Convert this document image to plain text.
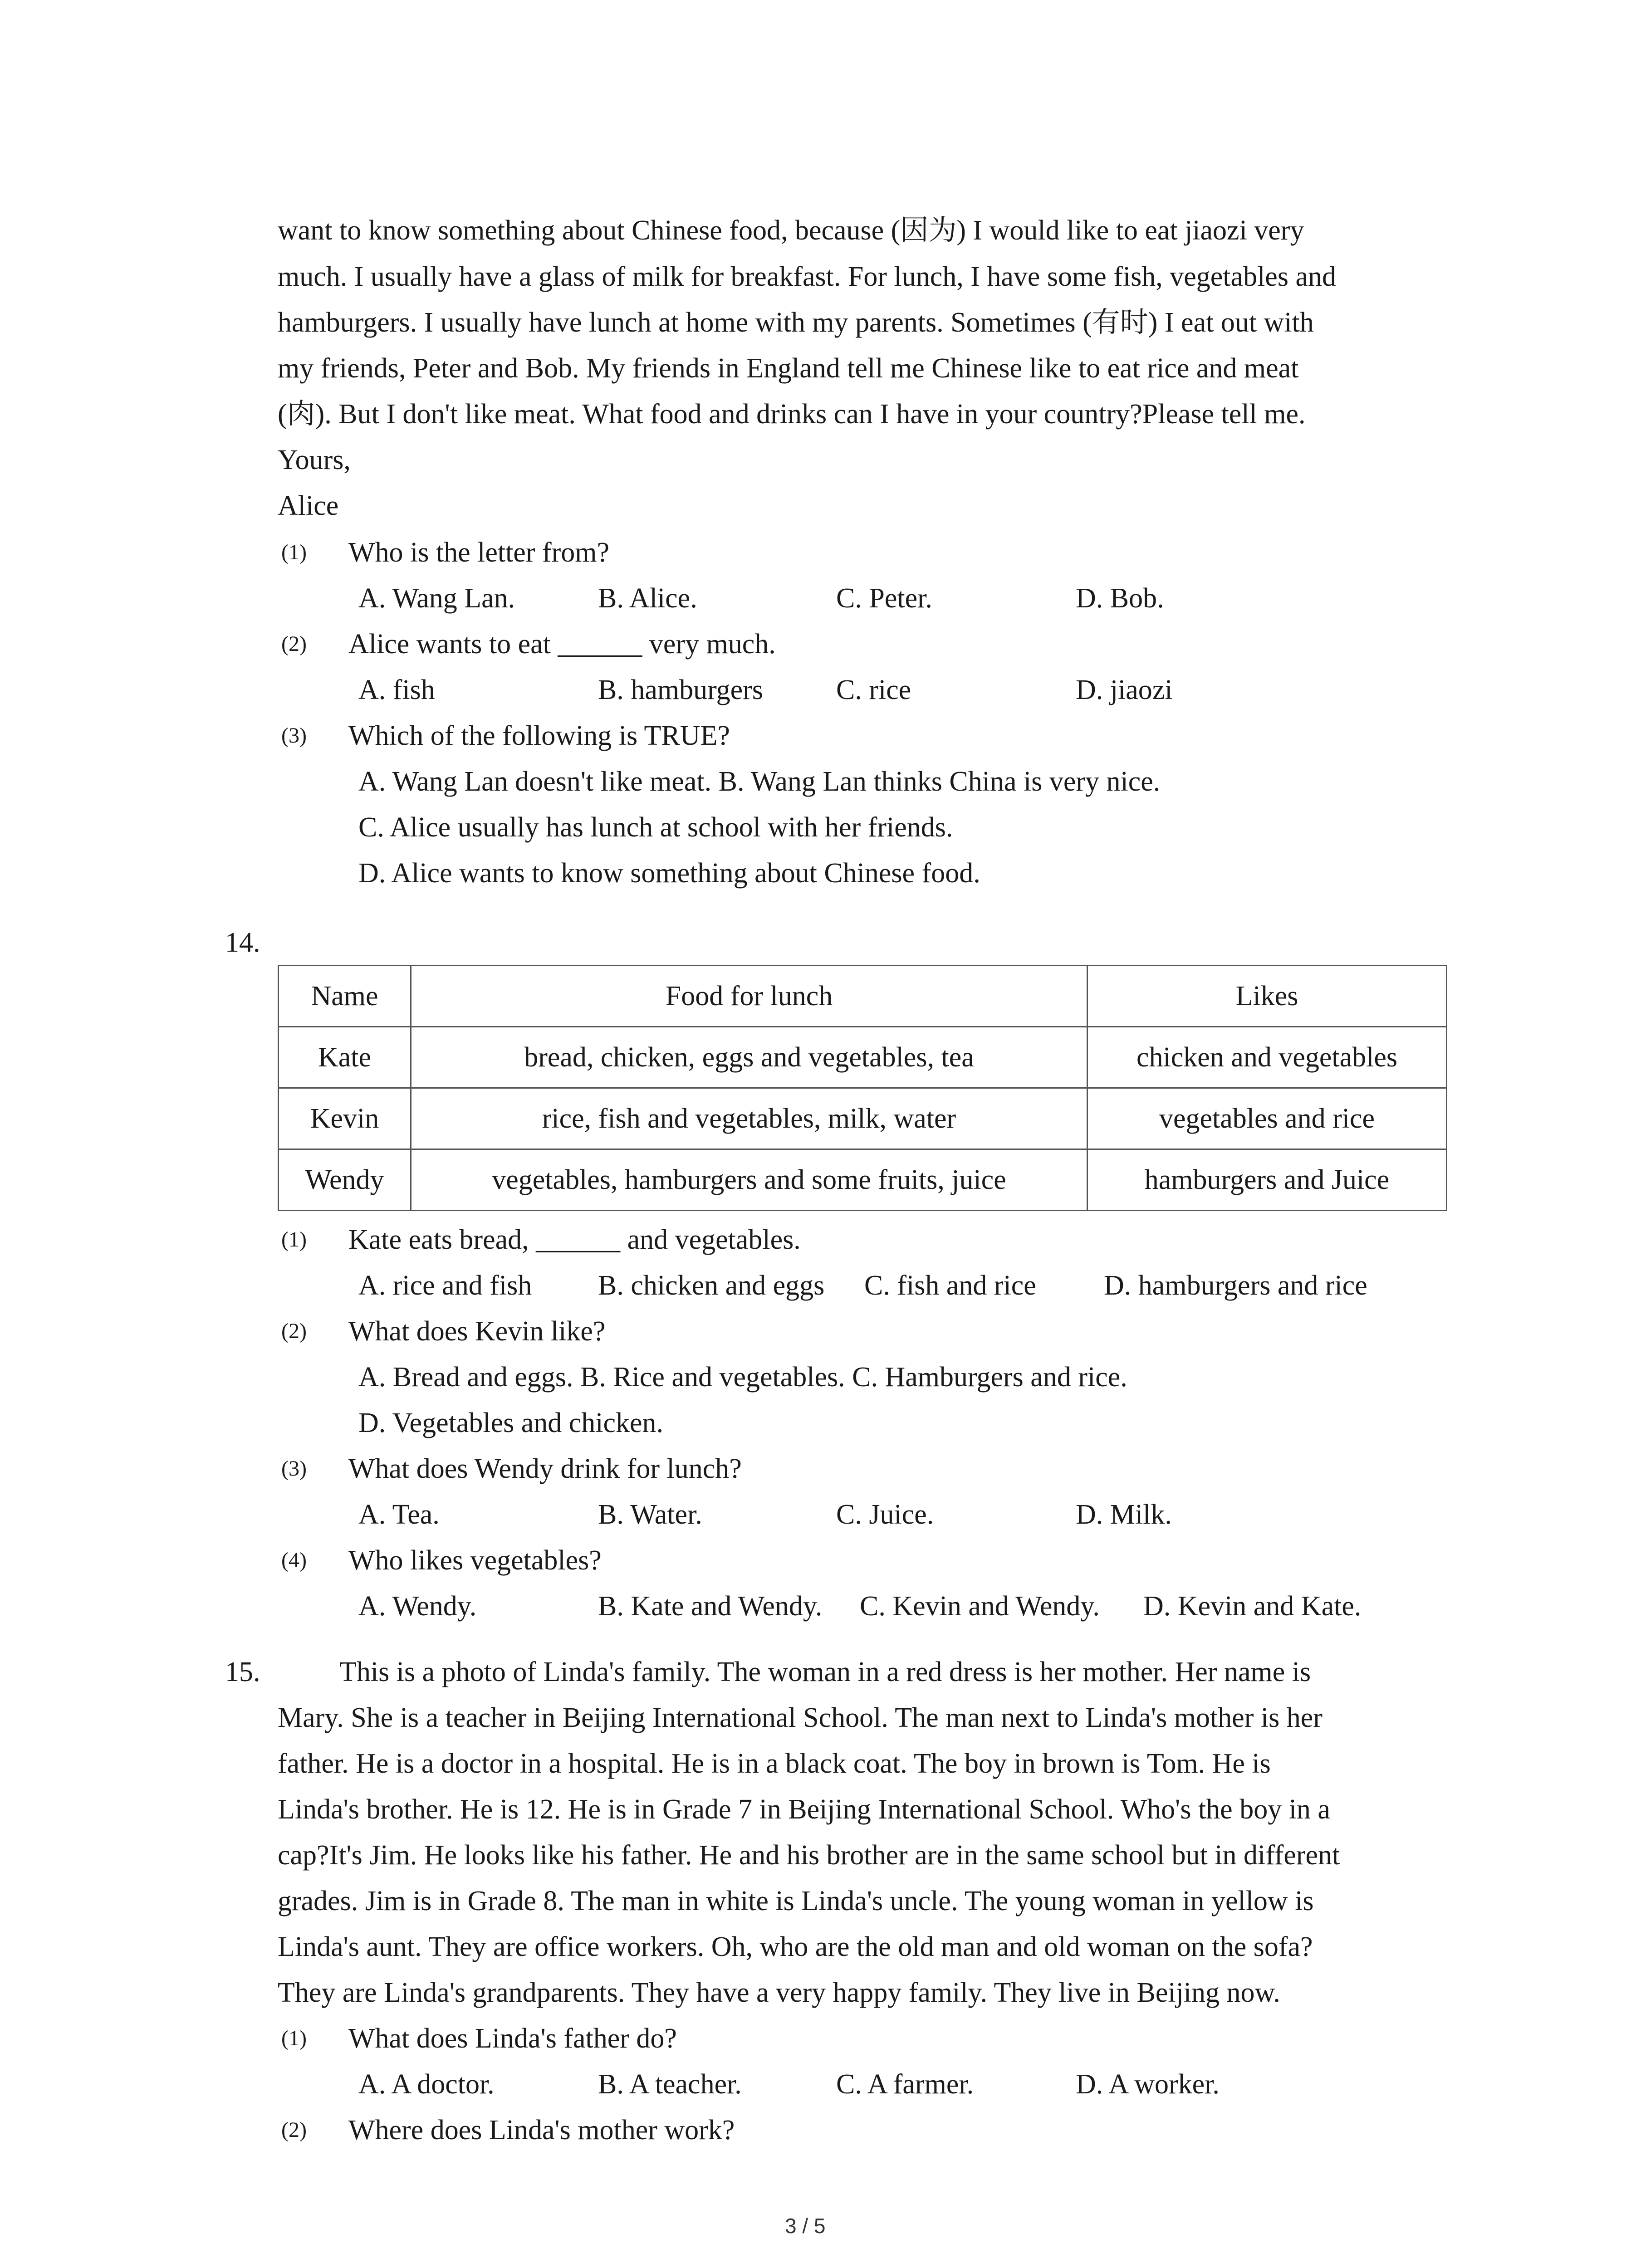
want to know something about Chinese food, because (因为) I would like to eat jiaozi very
much. I usually have a glass of milk for breakfast. For lunch, I have some fish, vegetables and
hamburgers. I usually have lunch at home with my parents. Sometimes (有时) I eat out with
my friends, Peter and Bob. My friends in England tell me Chinese like to eat rice and meat
(肉). But I don't like meat. What food and drinks can I have in your country?Please tell me.
Yours,
Alice
(1) Who is the letter from?
A. Wang Lan.	B. Alice.	C. Peter.	D. Bob.
(2) Alice wants to eat ______ very much.
A. fish	B. hamburgers	C. rice	D. jiaozi
(3) Which of the following is TRUE?
A. Wang Lan doesn't like meat. B. Wang Lan thinks China is very nice.
C. Alice usually has lunch at school with her friends.
D. Alice wants to know something about Chinese food.
14.
Name	Food for lunch	Likes
Kate	bread, chicken, eggs and vegetables, tea	chicken and vegetables
Kevin	rice, fish and vegetables, milk, water	vegetables and rice
Wendy	vegetables, hamburgers and some fruits, juice	hamburgers and Juice
(1) Kate eats bread, ______ and vegetables.
A. rice and fish B. chicken and eggs C. fish and rice D. hamburgers and rice
(2) What does Kevin like?
A. Bread and eggs. B. Rice and vegetables. C. Hamburgers and rice.
D. Vegetables and chicken.
(3) What does Wendy drink for lunch?
A. Tea.	B. Water.	C. Juice.	D. Milk.
(4) Who likes vegetables?
A. Wendy.	B. Kate and Wendy. C. Kevin and Wendy. D. Kevin and Kate.
15.	This is a photo of Linda's family. The woman in a red dress is her mother. Her name is
Mary. She is a teacher in Beijing International School. The man next to Linda's mother is her
father. He is a doctor in a hospital. He is in a black coat. The boy in brown is Tom. He is
Linda's brother. He is 12. He is in Grade 7 in Beijing International School. Who's the boy in a
cap?It's Jim. He looks like his father. He and his brother are in the same school but in different
grades. Jim is in Grade 8. The man in white is Linda's uncle. The young woman in yellow is
Linda's aunt. They are office workers. Oh, who are the old man and old woman on the sofa?
They are Linda's grandparents. They have a very happy family. They live in Beijing now.
(1) What does Linda's father do?
A. A doctor.	B. A teacher.	C. A farmer.	D. A worker.
(2) Where does Linda's mother work?
3 / 5
